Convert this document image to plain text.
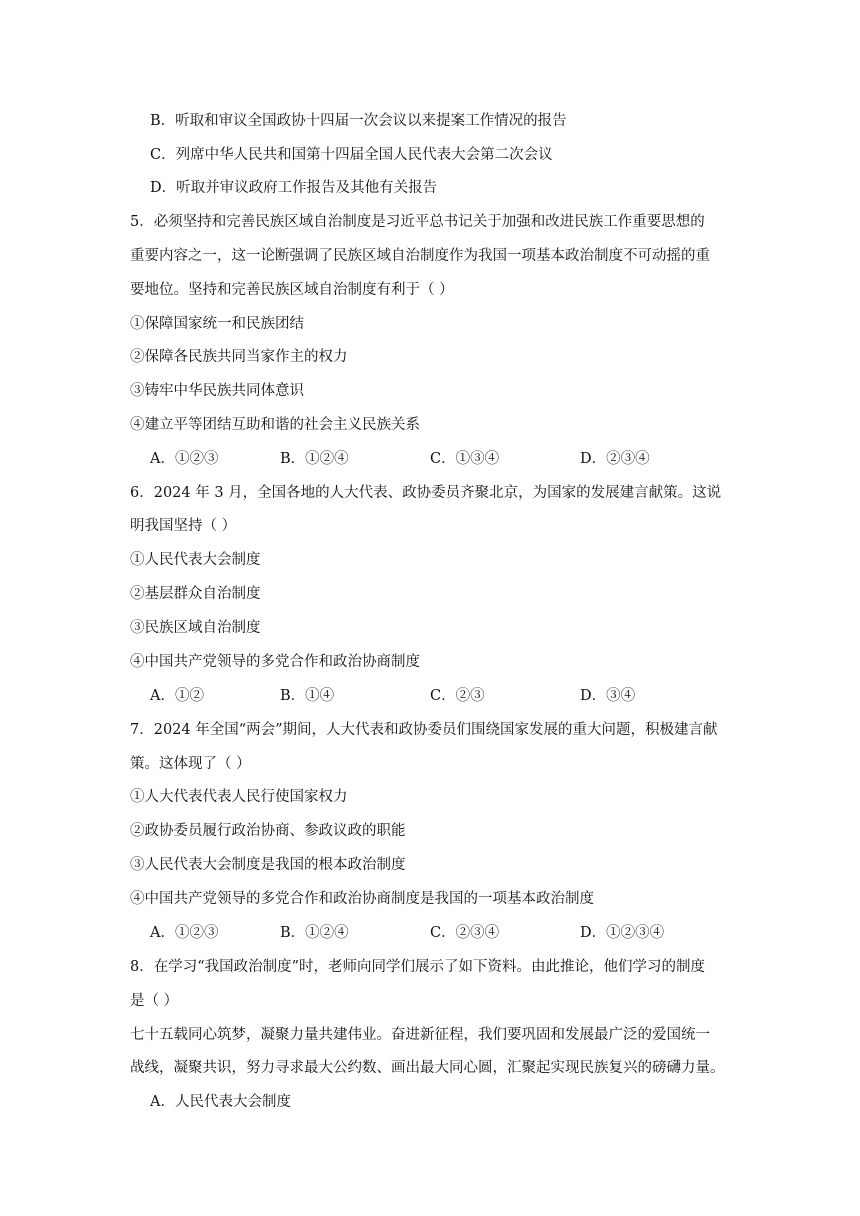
B．听取和审议全国政协十四届一次会议以来提案工作情况的报告
C．列席中华人民共和国第十四届全国人民代表大会第二次会议
D．听取并审议政府工作报告及其他有关报告
5．必须坚持和完善民族区域自治制度是习近平总书记关于加强和改进民族工作重要思想的
重要内容之一，这一论断强调了民族区域自治制度作为我国一项基本政治制度不可动摇的重
要地位。坚持和完善民族区域自治制度有利于（ ）
①保障国家统一和民族团结
②保障各民族共同当家作主的权力
③铸牢中华民族共同体意识
④建立平等团结互助和谐的社会主义民族关系
A．①②③	B．①②④	C．①③④	D．②③④
6．2024 年 3 月，全国各地的人大代表、政协委员齐聚北京，为国家的发展建言献策。这说
明我国坚持（ ）
①人民代表大会制度
②基层群众自治制度
③民族区域自治制度
④中国共产党领导的多党合作和政治协商制度
A．①②	B．①④	C．②③	D．③④
7．2024 年全国“两会”期间，人大代表和政协委员们围绕国家发展的重大问题，积极建言献
策。这体现了（ ）
①人大代表代表人民行使国家权力
②政协委员履行政治协商、参政议政的职能
③人民代表大会制度是我国的根本政治制度
④中国共产党领导的多党合作和政治协商制度是我国的一项基本政治制度
A．①②③	B．①②④	C．②③④	D．①②③④
8．在学习“我国政治制度”时，老师向同学们展示了如下资料。由此推论，他们学习的制度
是（ ）
七十五载同心筑梦，凝聚力量共建伟业。奋进新征程，我们要巩固和发展最广泛的爱国统一
战线，凝聚共识，努力寻求最大公约数、画出最大同心圆，汇聚起实现民族复兴的磅礴力量。
A．人民代表大会制度
